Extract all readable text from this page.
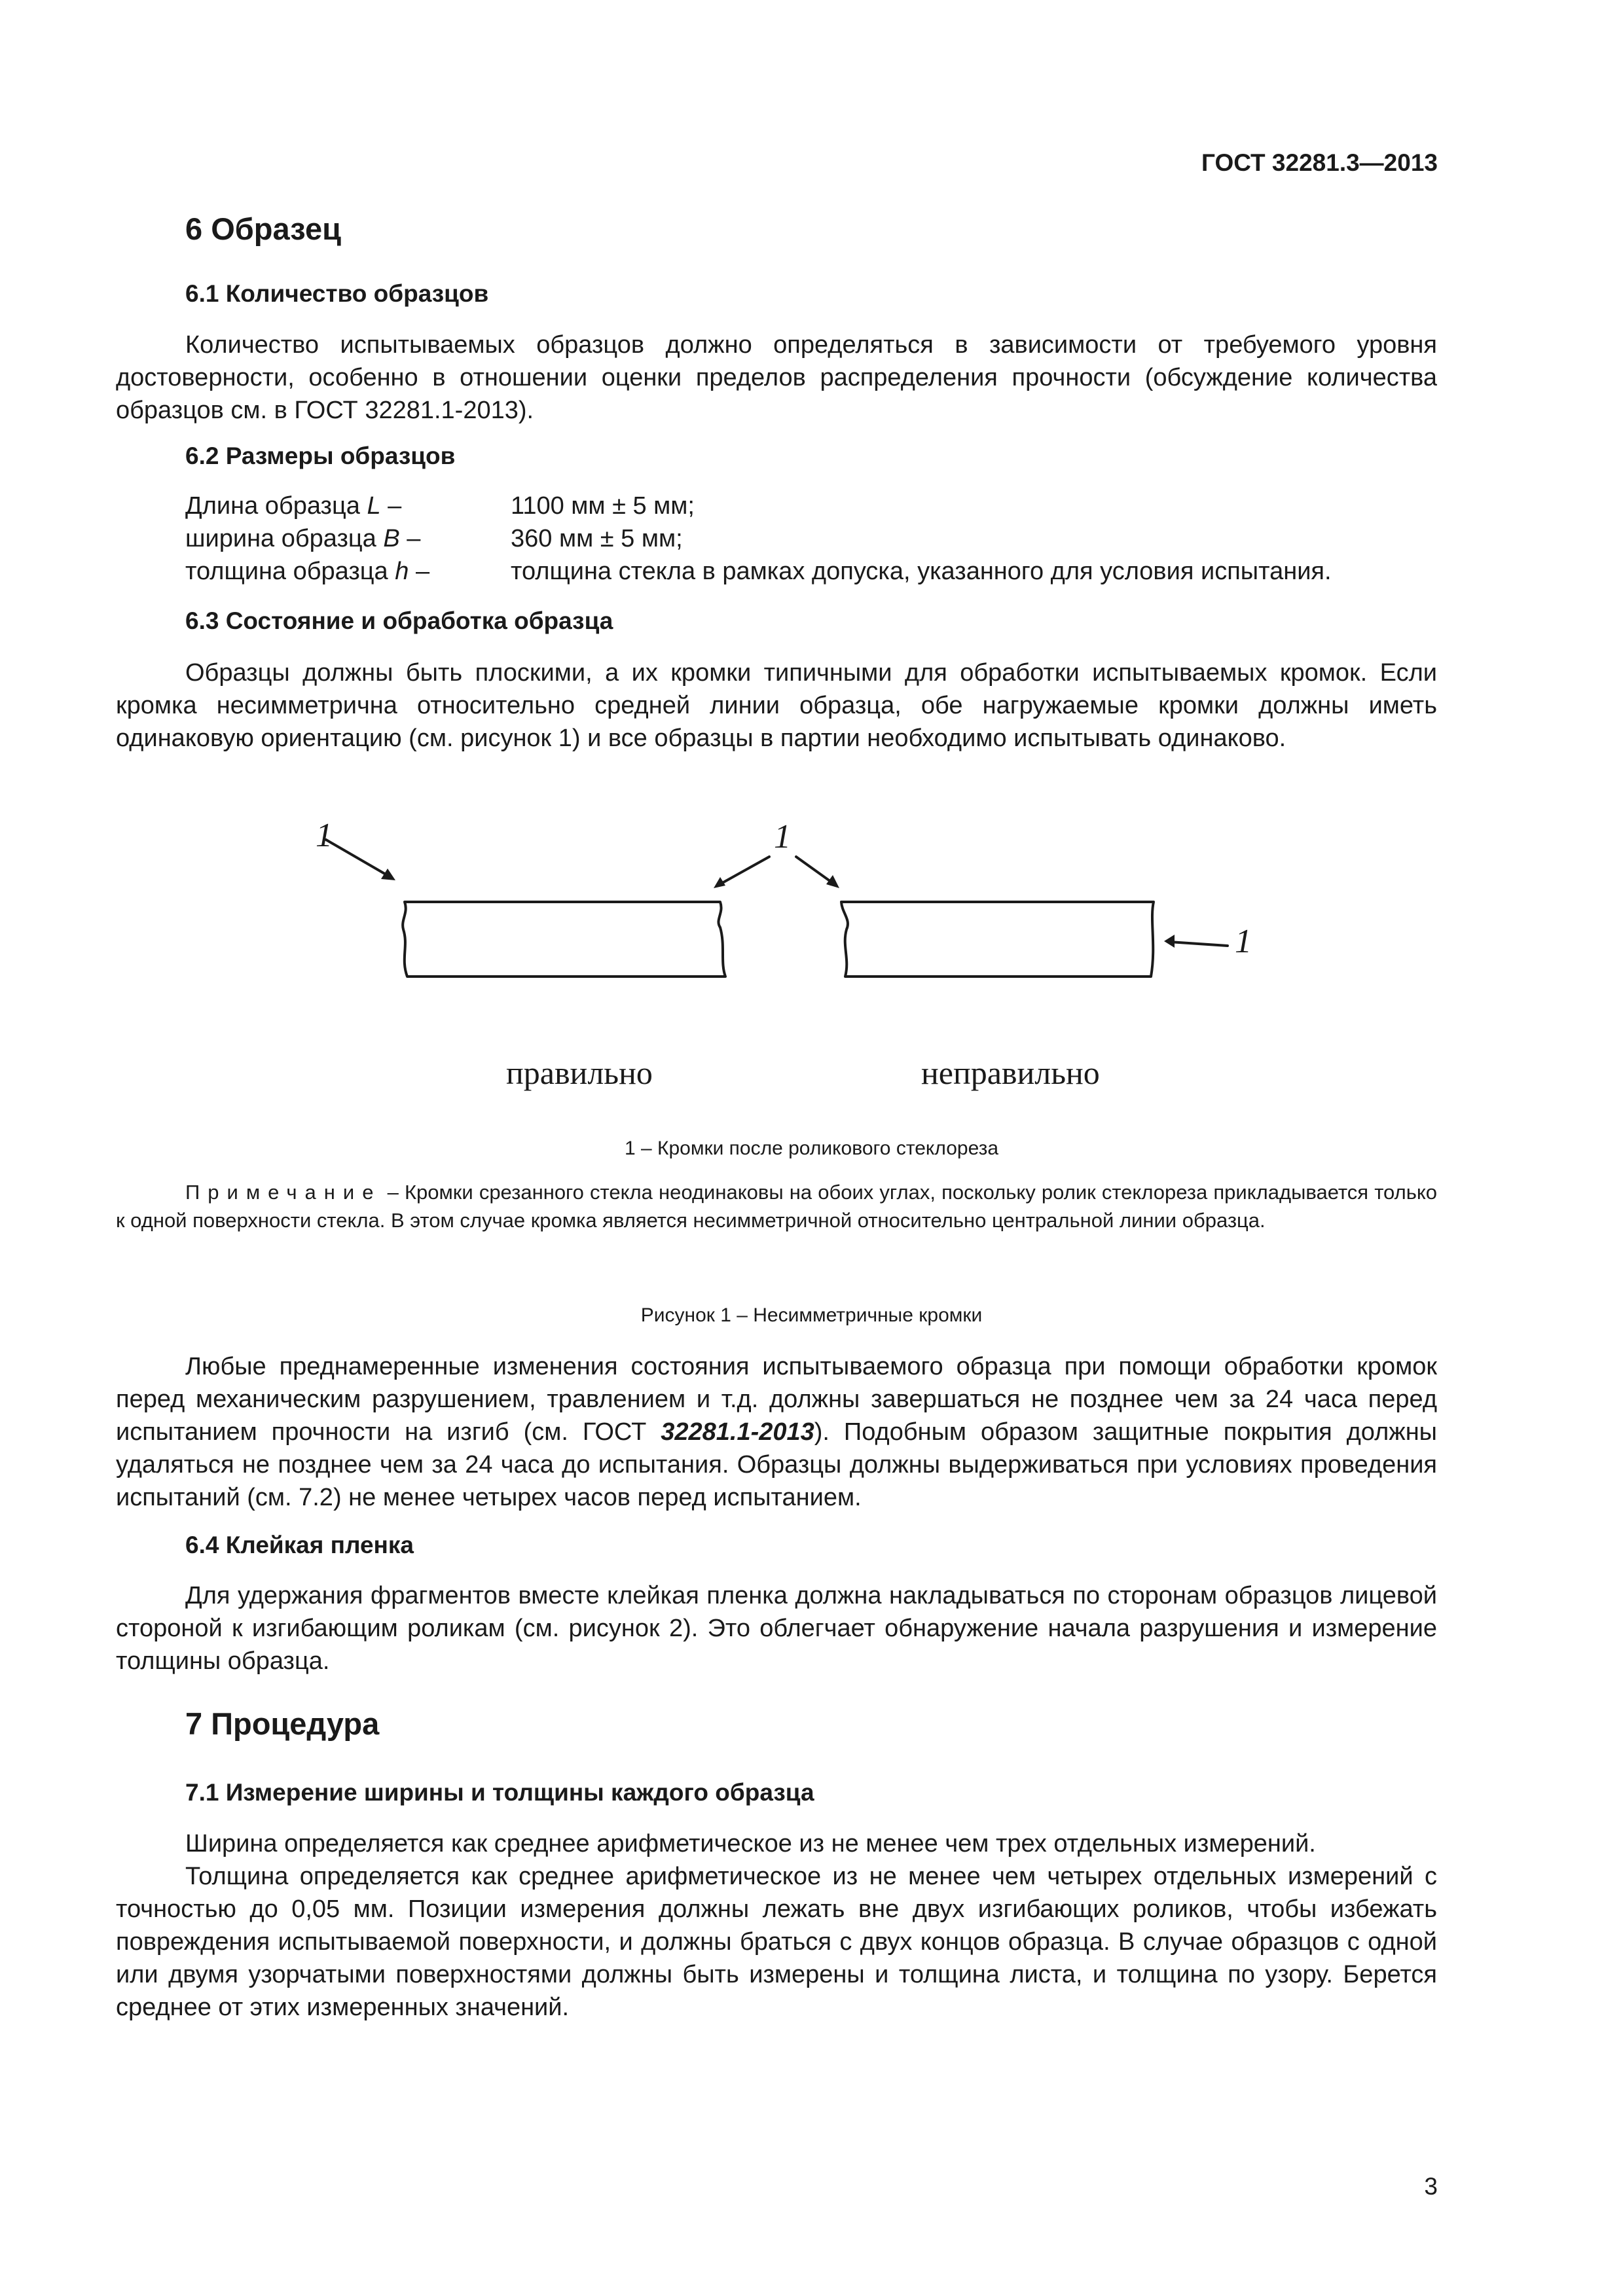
ГОСТ 32281.3—2013
6 Образец
6.1 Количество образцов

Количество испытываемых образцов должно определяться в зависимости от требуемого уровня достоверности, особенно в отношении оценки пределов распределения прочности (обсуждение количества образцов см. в ГОСТ 32281.1-2013).

6.2 Размеры образцов
Длина образца L –	1100 мм ± 5 мм;
ширина образца B –	360 мм ± 5 мм;
толщина образца h –	толщина стекла в рамках допуска, указанного для условия испытания.
6.3 Состояние и обработка образца

Образцы должны быть плоскими, а их кромки типичными для обработки испытываемых кромок. Если кромка несимметрична относительно средней линии образца, обе нагружаемые кромки должны иметь одинаковую ориентацию (см. рисунок 1) и все образцы в партии необходимо испытывать одинаково.

1	1
1
правильно	неправильно
1 – Кромки после роликового стеклореза

Примечание – Кромки срезанного стекла неодинаковы на обоих углах, поскольку ролик стеклореза прикладывается только к одной поверхности стекла. В этом случае кромка является несимметричной относительно центральной линии образца.

Рисунок 1 – Несимметричные кромки

Любые преднамеренные изменения состояния испытываемого образца при помощи обработки кромок перед механическим разрушением, травлением и т.д. должны завершаться не позднее чем за 24 часа перед испытанием прочности на изгиб (см. ГОСТ 32281.1-2013). Подобным образом защитные покрытия должны удаляться не позднее чем за 24 часа до испытания. Образцы должны выдерживаться при условиях проведения испытаний (см. 7.2) не менее четырех часов перед испытанием.

6.4 Клейкая пленка

Для удержания фрагментов вместе клейкая пленка должна накладываться по сторонам образцов лицевой стороной к изгибающим роликам (см. рисунок 2). Это облегчает обнаружение начала разрушения и измерение толщины образца.

7 Процедура
7.1 Измерение ширины и толщины каждого образца

Ширина определяется как среднее арифметическое из не менее чем трех отдельных измерений.

Толщина определяется как среднее арифметическое из не менее чем четырех отдельных измерений с точностью до 0,05 мм. Позиции измерения должны лежать вне двух изгибающих роликов, чтобы избежать повреждения испытываемой поверхности, и должны браться с двух концов образца. В случае образцов с одной или двумя узорчатыми поверхностями должны быть измерены и толщина листа, и толщина по узору. Берется среднее от этих измеренных значений.

3
